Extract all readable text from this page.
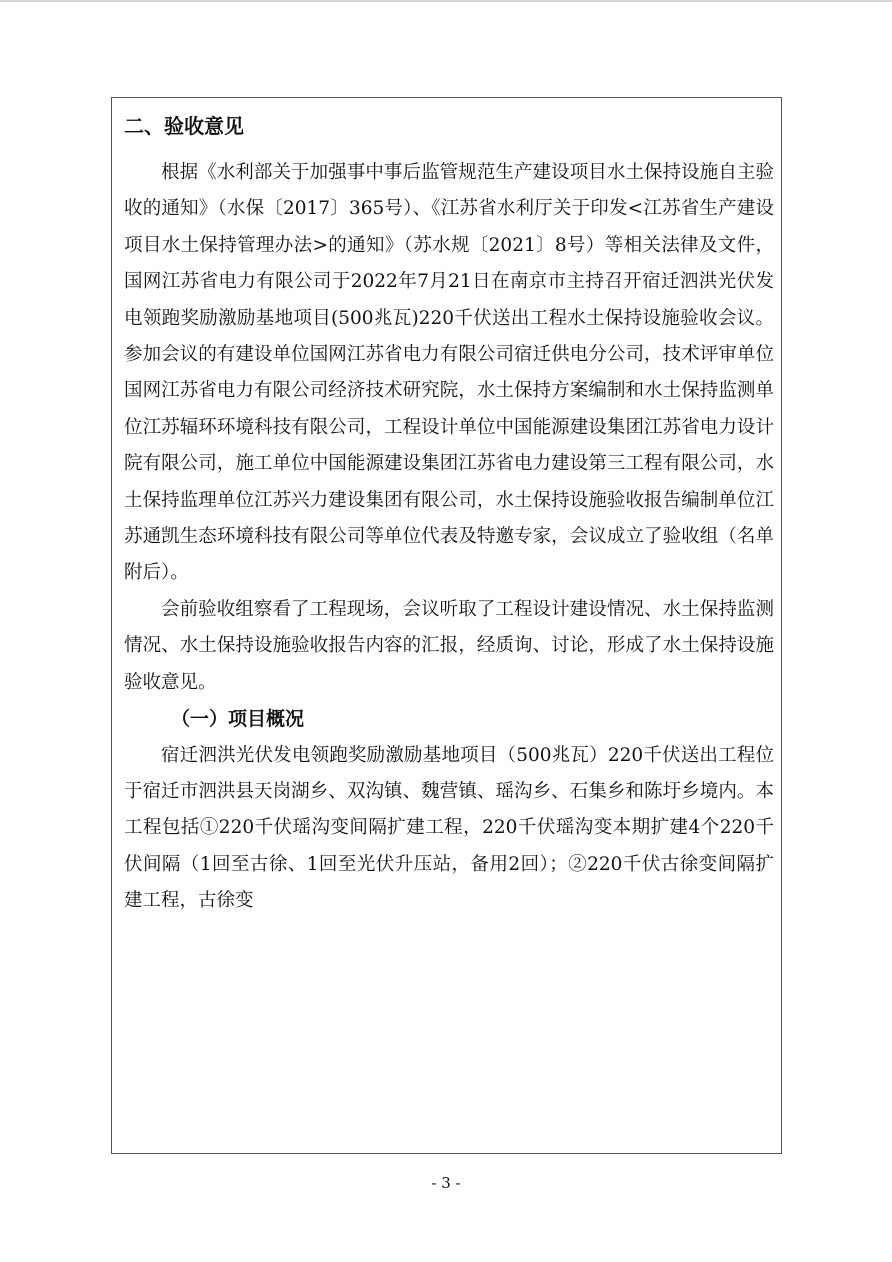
二、验收意见

根据《水利部关于加强事中事后监管规范生产建设项目水土保持设施自主验收的通知》（水保〔2017〕365号）、《江苏省水利厅关于印发<江苏省生产建设项目水土保持管理办法>的通知》（苏水规〔2021〕8号）等相关法律及文件，国网江苏省电力有限公司于2022年7月21日在南京市主持召开宿迁泗洪光伏发电领跑奖励激励基地项目(500兆瓦)220千伏送出工程水土保持设施验收会议。参加会议的有建设单位国网江苏省电力有限公司宿迁供电分公司，技术评审单位国网江苏省电力有限公司经济技术研究院，水土保持方案编制和水土保持监测单位江苏辐环环境科技有限公司，工程设计单位中国能源建设集团江苏省电力设计院有限公司，施工单位中国能源建设集团江苏省电力建设第三工程有限公司，水土保持监理单位江苏兴力建设集团有限公司，水土保持设施验收报告编制单位江苏通凯生态环境科技有限公司等单位代表及特邀专家，会议成立了验收组（名单附后）。

会前验收组察看了工程现场，会议听取了工程设计建设情况、水土保持监测情况、水土保持设施验收报告内容的汇报，经质询、讨论，形成了水土保持设施验收意见。

（一）项目概况

宿迁泗洪光伏发电领跑奖励激励基地项目（500兆瓦）220千伏送出工程位于宿迁市泗洪县天岗湖乡、双沟镇、魏营镇、瑶沟乡、石集乡和陈圩乡境内。本工程包括①220千伏瑶沟变间隔扩建工程，220千伏瑶沟变本期扩建4个220千伏间隔（1回至古徐、1回至光伏升压站，备用2回）；②220千伏古徐变间隔扩建工程，古徐变

- 3 -
